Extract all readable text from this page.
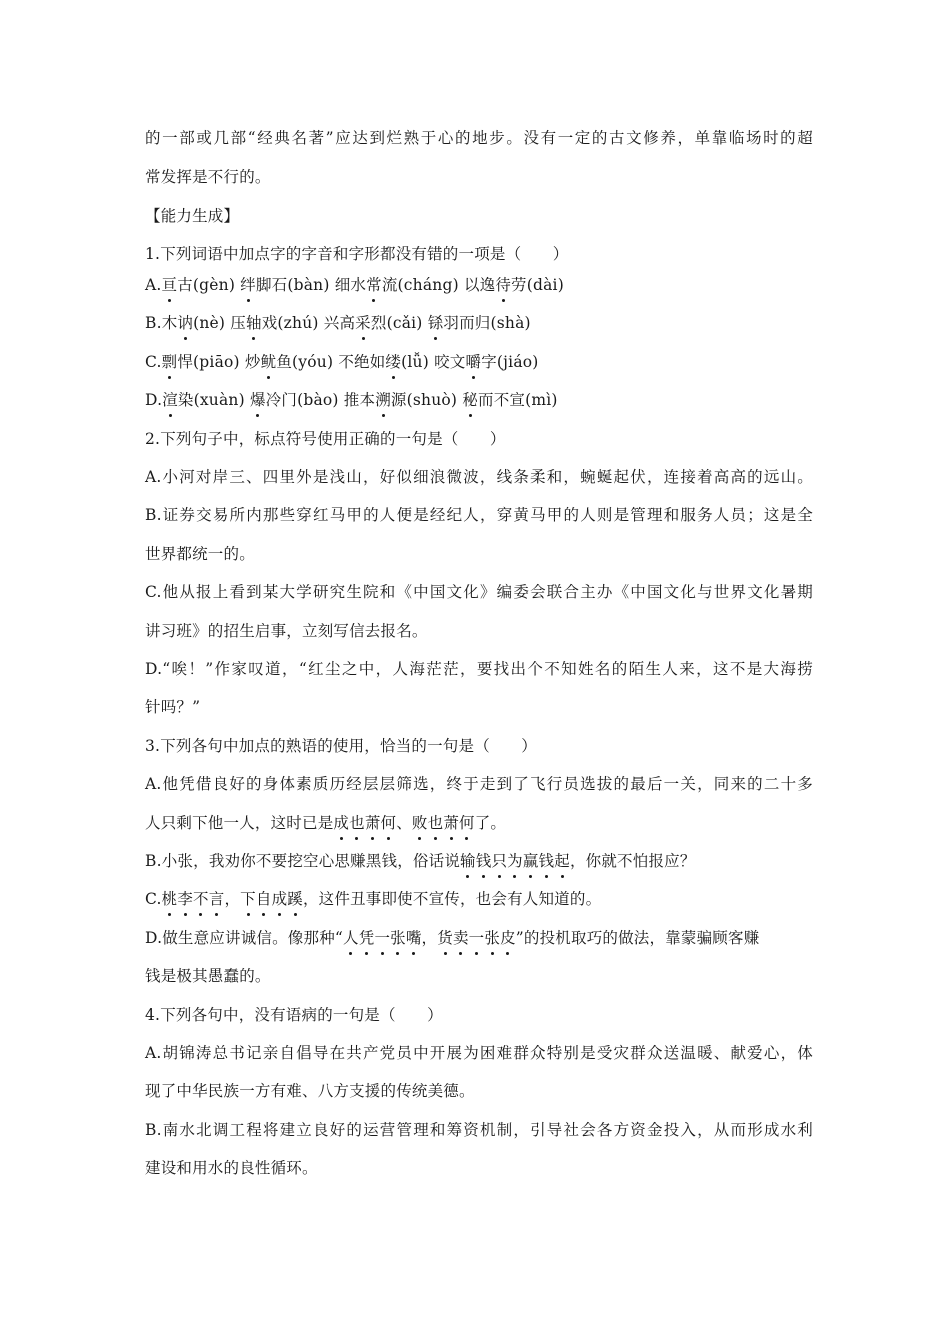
的一部或几部“经典名著”应达到烂熟于心的地步。没有一定的古文修养，单靠临场时的超
常发挥是不行的。
【能力生成】
1.下列词语中加点字的字音和字形都没有错的一项是（　　）
A.亘古(gèn) 绊脚石(bàn) 细水常流(cháng) 以逸待劳(dài)
B.木讷(nè) 压轴戏(zhú) 兴高采烈(cǎi) 铩羽而归(shà)
C.剽悍(piāo) 炒鱿鱼(yóu) 不绝如缕(lǚ) 咬文嚼字(jiáo)
D.渲染(xuàn) 爆冷门(bào) 推本溯源(shuò) 秘而不宣(mì)
2.下列句子中，标点符号使用正确的一句是（　　）
A.小河对岸三、四里外是浅山，好似细浪微波，线条柔和，蜿蜒起伏，连接着高高的远山。
B.证券交易所内那些穿红马甲的人便是经纪人，穿黄马甲的人则是管理和服务人员；这是全
世界都统一的。
C.他从报上看到某大学研究生院和《中国文化》编委会联合主办《中国文化与世界文化暑期
讲习班》的招生启事，立刻写信去报名。
D.“唉！”作家叹道，“红尘之中，人海茫茫，要找出个不知姓名的陌生人来，这不是大海捞
针吗？”
3.下列各句中加点的熟语的使用，恰当的一句是（　　）
A.他凭借良好的身体素质历经层层筛选，终于走到了飞行员选拔的最后一关，同来的二十多
人只剩下他一人，这时已是成也萧何、败也萧何了。
B.小张，我劝你不要挖空心思赚黑钱，俗话说输钱只为赢钱起，你就不怕报应？
C.桃李不言，下自成蹊，这件丑事即使不宣传，也会有人知道的。
D.做生意应讲诚信。像那种“人凭一张嘴，货卖一张皮”的投机取巧的做法，靠蒙骗顾客赚
钱是极其愚蠢的。
4.下列各句中，没有语病的一句是（　　）
A.胡锦涛总书记亲自倡导在共产党员中开展为困难群众特别是受灾群众送温暖、献爱心，体
现了中华民族一方有难、八方支援的传统美德。
B.南水北调工程将建立良好的运营管理和筹资机制，引导社会各方资金投入，从而形成水利
建设和用水的良性循环。
